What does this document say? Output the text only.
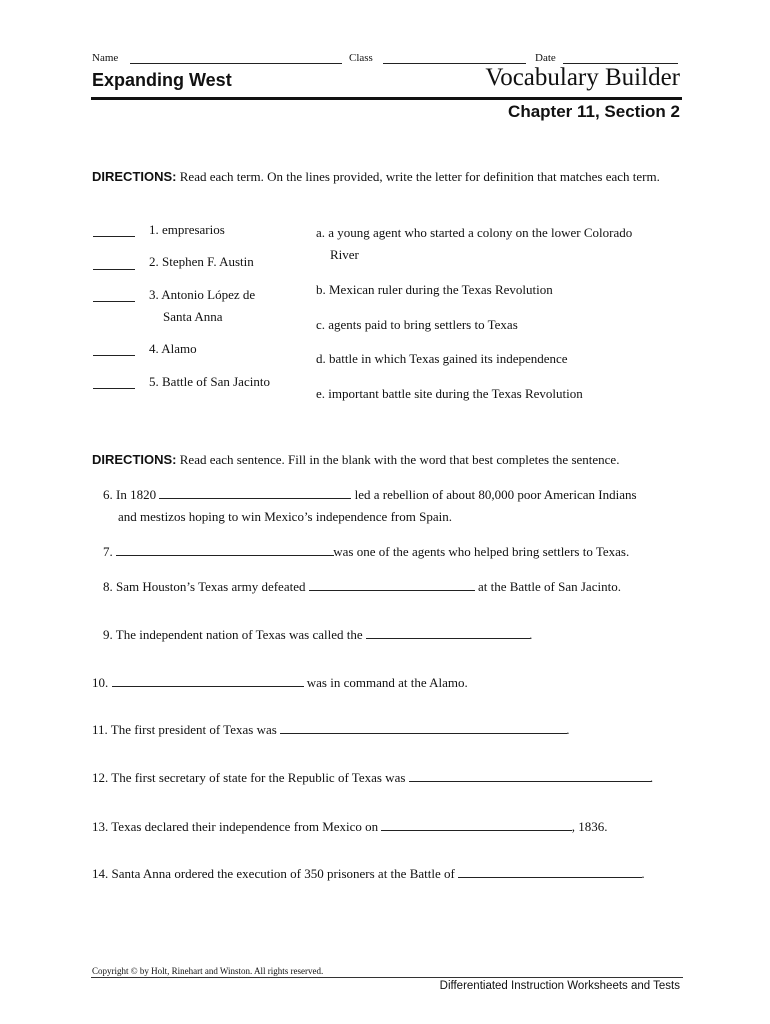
Name	Class	Date
Expanding West	Vocabulary Builder
Chapter 11, Section 2
DIRECTIONS: Read each term. On the lines provided, write the letter for definition that matches each term.
1. empresarios
2. Stephen F. Austin
3. Antonio López de
Santa Anna
4. Alamo
5. Battle of San Jacinto
a. a young agent who started a colony on the lower Colorado
River
b. Mexican ruler during the Texas Revolution
c. agents paid to bring settlers to Texas
d. battle in which Texas gained its independence
e. important battle site during the Texas Revolution
DIRECTIONS: Read each sentence. Fill in the blank with the word that best completes the sentence.
6. In 1820	led a rebellion of about 80,000 poor American Indians
and mestizos hoping to win Mexico’s independence from Spain.
7.	was one of the agents who helped bring settlers to Texas.
8. Sam Houston’s Texas army defeated	at the Battle of San Jacinto.
9. The independent nation of Texas was called the	.
10.	was in command at the Alamo.
11. The first president of Texas was	.
12. The first secretary of state for the Republic of Texas was	.
13. Texas declared their independence from Mexico on	, 1836.
14. Santa Anna ordered the execution of 350 prisoners at the Battle of	.
Copyright © by Holt, Rinehart and Winston. All rights reserved.
Differentiated Instruction Worksheets and Tests
